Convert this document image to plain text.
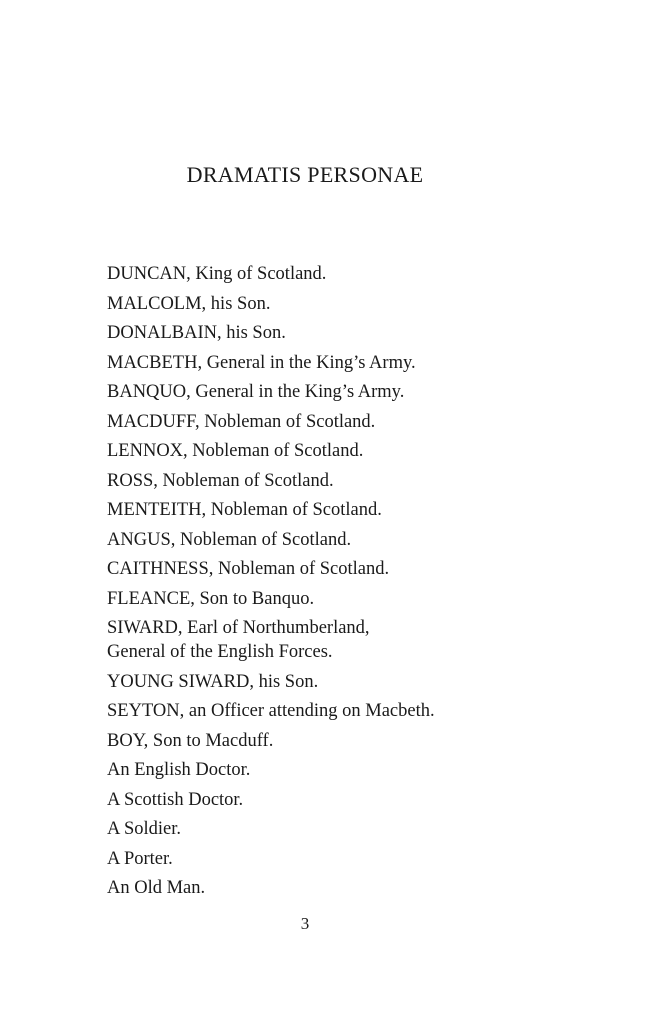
DRAMATIS PERSONAE
DUNCAN, King of Scotland.
MALCOLM, his Son.
DONALBAIN, his Son.
MACBETH, General in the King’s Army.
BANQUO, General in the King’s Army.
MACDUFF, Nobleman of Scotland.
LENNOX, Nobleman of Scotland.
ROSS, Nobleman of Scotland.
MENTEITH, Nobleman of Scotland.
ANGUS, Nobleman of Scotland.
CAITHNESS, Nobleman of Scotland.
FLEANCE, Son to Banquo.
SIWARD, Earl of Northumberland,
General of the English Forces.
YOUNG SIWARD, his Son.
SEYTON, an Officer attending on Macbeth.
BOY, Son to Macduff.
An English Doctor.
A Scottish Doctor.
A Soldier.
A Porter.
An Old Man.
3
